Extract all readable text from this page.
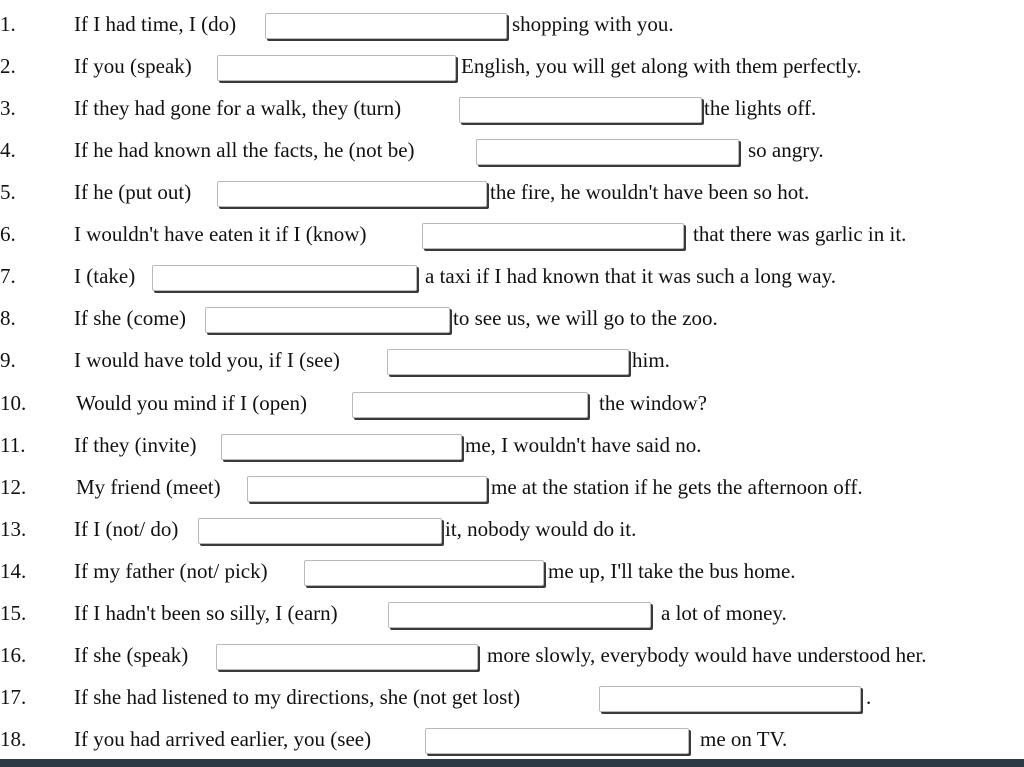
1.	If I had time, I (do)	shopping with you.
2.	If you (speak)	English, you will get along with them perfectly.
3.	If they had gone for a walk, they (turn)	the lights off.
4.	If he had known all the facts, he (not be)	so angry.
5.	If he (put out)	the fire, he wouldn't have been so hot.
6.	I wouldn't have eaten it if I (know)	that there was garlic in it.
7.	I (take)	a taxi if I had known that it was such a long way.
8.	If she (come)	to see us, we will go to the zoo.
9.	I would have told you, if I (see)	him.
10. Would you mind if I (open)	the window?
11. If they (invite)	me, I wouldn't have said no.
12. My friend (meet)	me at the station if he gets the afternoon off.
13. If I (not/ do)	it, nobody would do it.
14. If my father (not/ pick)	me up, I'll take the bus home.
15. If I hadn't been so silly, I (earn)	a lot of money.
16. If she (speak)	more slowly, everybody would have understood her.
17. If she had listened to my directions, she (not get lost)	.
18. If you had arrived earlier, you (see)	me on TV.
